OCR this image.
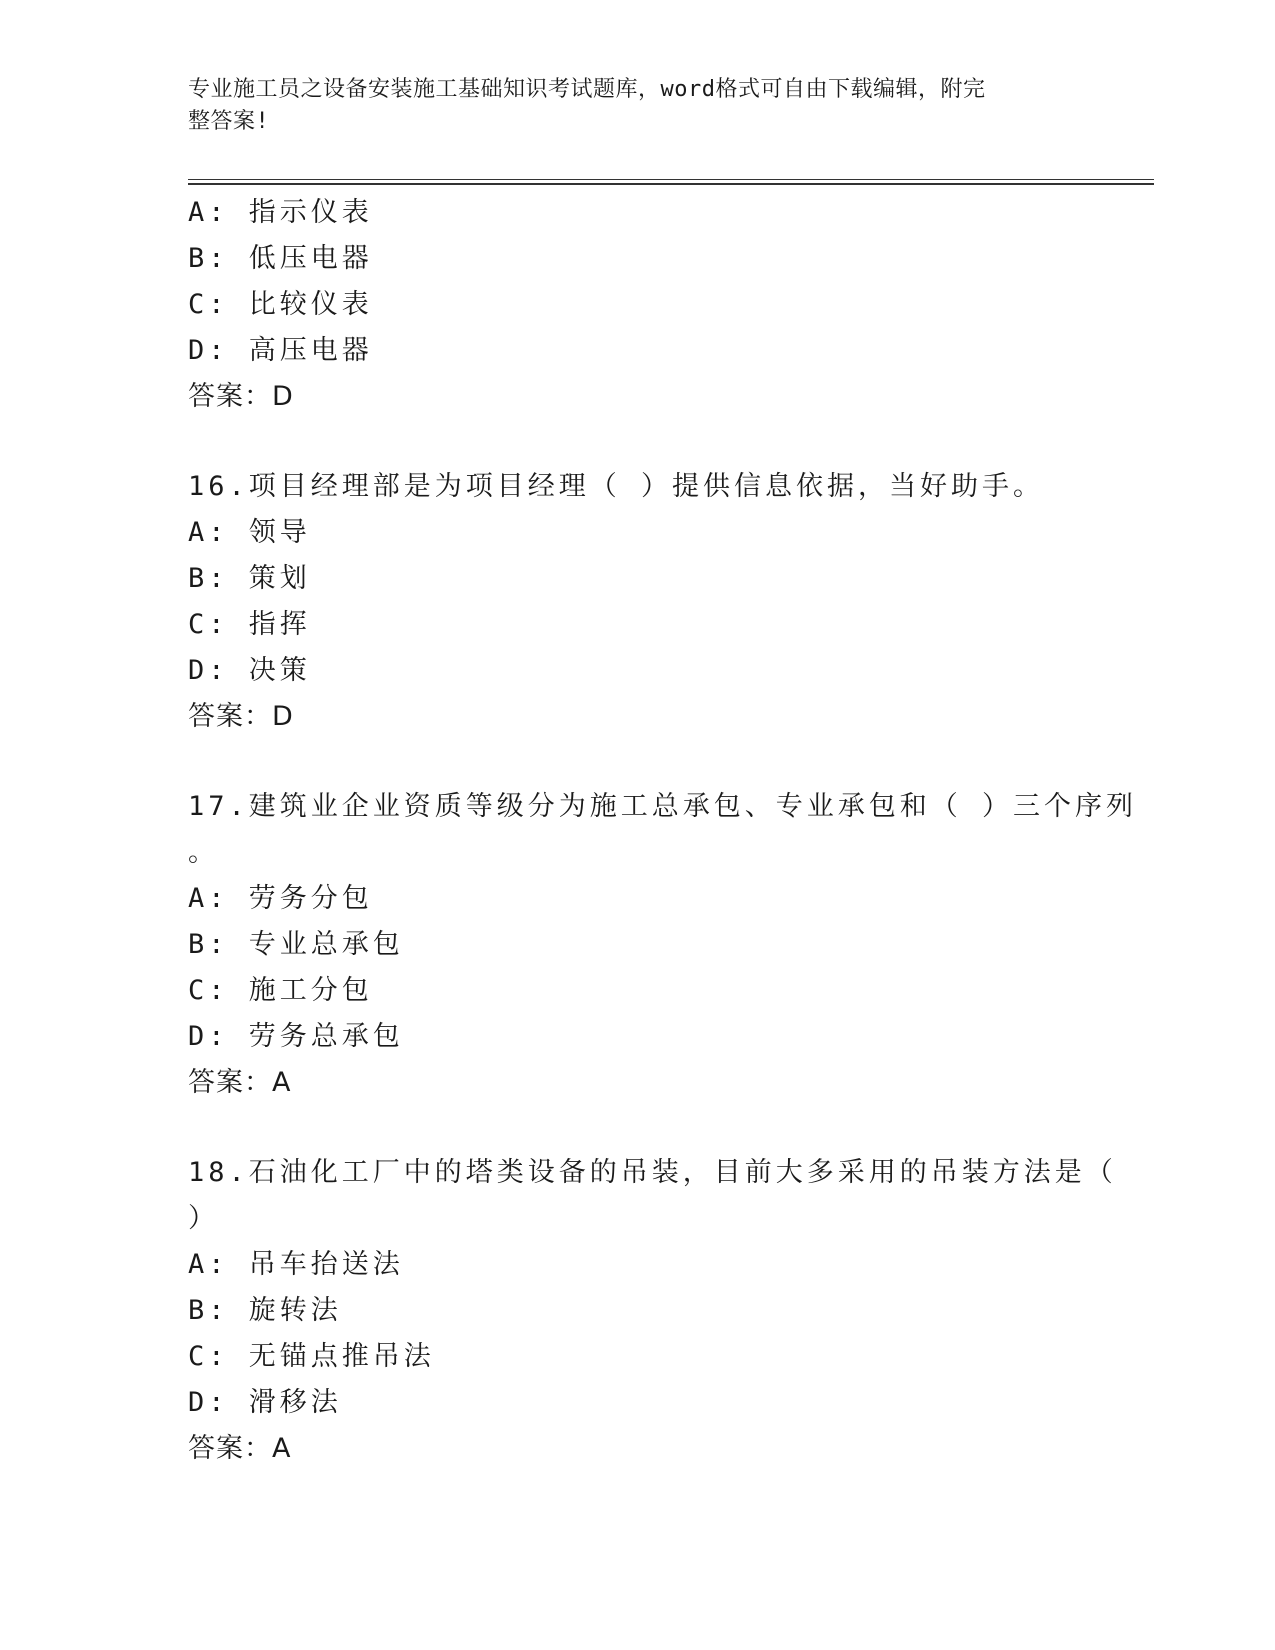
专业施工员之设备安装施工基础知识考试题库，word格式可自由下载编辑，附完
整答案!
A: 指示仪表
B: 低压电器
C: 比较仪表
D: 高压电器
答案：D
16.项目经理部是为项目经理（ ）提供信息依据，当好助手。
A: 领导
B: 策划
C: 指挥
D: 决策
答案：D
17.建筑业企业资质等级分为施工总承包、专业承包和（ ）三个序列
。
A: 劳务分包
B: 专业总承包
C: 施工分包
D: 劳务总承包
答案：A
18.石油化工厂中的塔类设备的吊装，目前大多采用的吊装方法是（
）
A: 吊车抬送法
B: 旋转法
C: 无锚点推吊法
D: 滑移法
答案：A
